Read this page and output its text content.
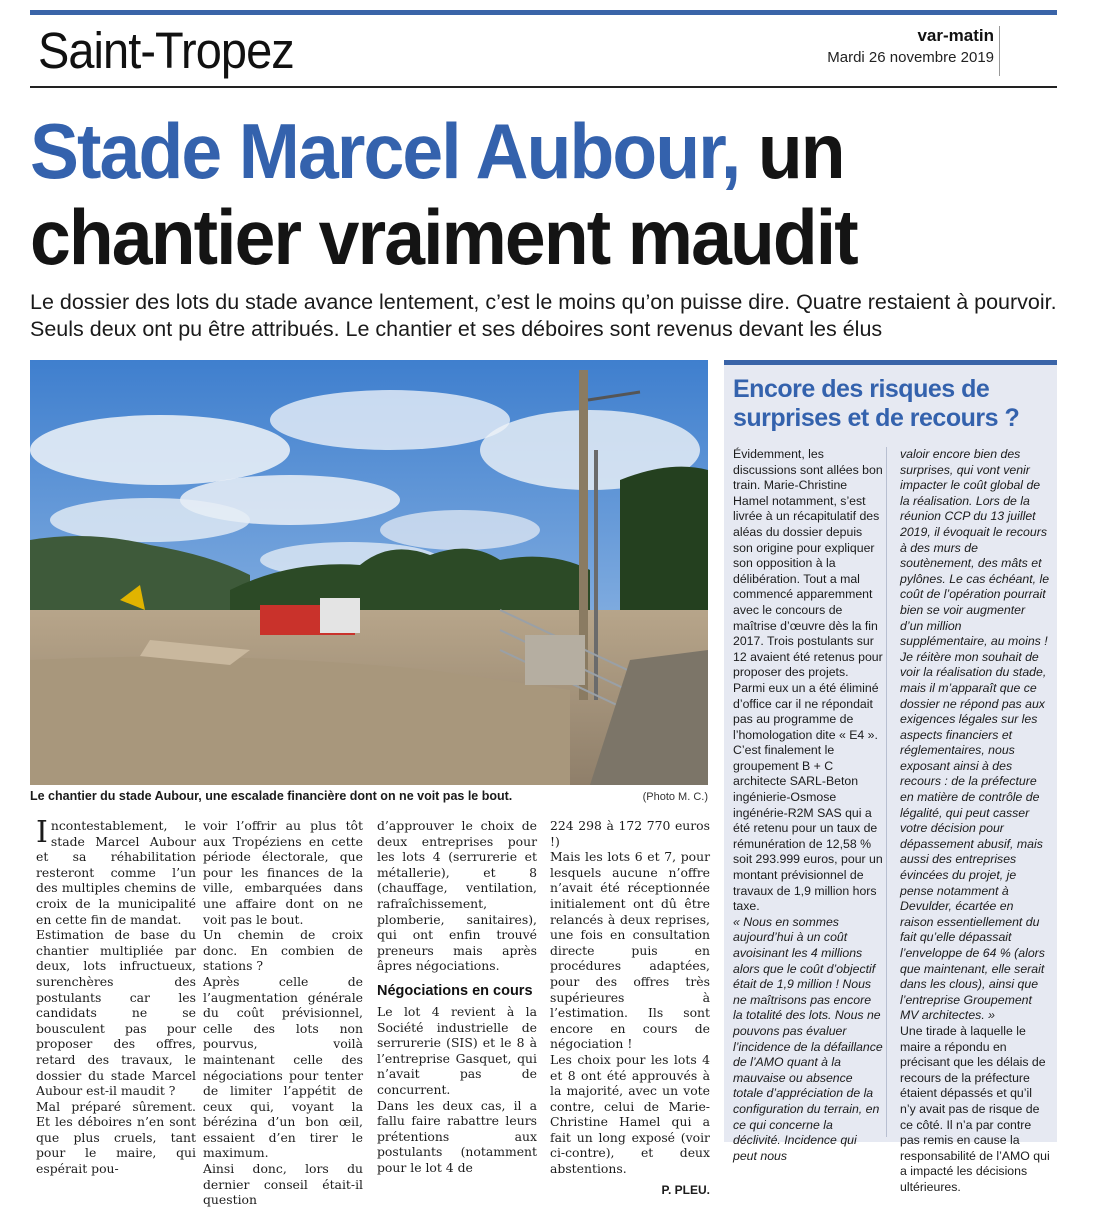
Saint-Tropez	var-matin
Mardi 26 novembre 2019
Stade Marcel Aubour, un chantier vraiment maudit
Le dossier des lots du stade avance lentement, c’est le moins qu’on puisse dire. Quatre restaient à pourvoir. Seuls deux ont pu être attribués. Le chantier et ses déboires sont revenus devant les élus
Le chantier du stade Aubour, une escalade financière dont on ne voit pas le bout.	(Photo M. C.)

Incontestablement, le stade Marcel Aubour et sa réhabilitation resteront comme l’un des multiples chemins de croix de la municipalité en cette fin de mandat.

Estimation de base du chantier multipliée par deux, lots infructueux, surenchères des postulants car les candidats ne se bousculent pas pour proposer des offres, retard des travaux, le dossier du stade Marcel Aubour est-il maudit ?

Mal préparé sûrement. Et les déboires n’en sont que plus cruels, tant pour le maire, qui espérait pou-

voir l’offrir au plus tôt aux Tropéziens en cette période électorale, que pour les finances de la ville, embarquées dans une affaire dont on ne voit pas le bout.

Un chemin de croix donc. En combien de stations ?

Après celle de l’augmentation générale du coût prévisionnel, celle des lots non pourvus, voilà maintenant celle des négociations pour tenter de limiter l’appétit de ceux qui, voyant la bérézina d’un bon œil, essaient d’en tirer le maximum.

Ainsi donc, lors du dernier conseil était-il question

d’approuver le choix de deux entreprises pour les lots 4 (serrurerie et métallerie), et 8 (chauffage, ventilation, rafraîchissement, plomberie, sanitaires), qui ont enfin trouvé preneurs mais après âpres négociations.

Négociations en cours

Le lot 4 revient à la Société industrielle de serrurerie (SIS) et le 8 à l’entreprise Gasquet, qui n’avait pas de concurrent.

Dans les deux cas, il a fallu faire rabattre leurs prétentions aux postulants (notamment pour le lot 4 de

224 298 à 172 770 euros !)

Mais les lots 6 et 7, pour lesquels aucune n’offre n’avait été réceptionnée initialement ont dû être relancés à deux reprises, une fois en consultation directe puis en procédures adaptées, pour des offres très supérieures à l’estimation. Ils sont encore en cours de négociation !

Les choix pour les lots 4 et 8 ont été approuvés à la majorité, avec un vote contre, celui de Marie-Christine Hamel qui a fait un long exposé (voir ci-contre), et deux abstentions.

P. PLEU.
Encore des risques de surprises et de recours ?

Évidemment, les discussions sont allées bon train. Marie-Christine Hamel notamment, s’est livrée à un récapitulatif des aléas du dossier depuis son origine pour expliquer son opposition à la délibération. Tout a mal commencé apparemment avec le concours de maîtrise d’œuvre dès la fin 2017. Trois postulants sur 12 avaient été retenus pour proposer des projets. Parmi eux un a été éliminé d’office car il ne répondait pas au programme de l’homologation dite « E4 ». C’est finalement le groupement B + C architecte SARL-Beton ingénierie-Osmose ingénérie-R2M SAS qui a été retenu pour un taux de rémunération de 12,58 % soit 293.999 euros, pour un montant prévisionnel de travaux de 1,9 million hors taxe.

« Nous en sommes aujourd’hui à un coût avoisinant les 4 millions alors que le coût d’objectif était de 1,9 million ! Nous ne maîtrisons pas encore la totalité des lots. Nous ne pouvons pas évaluer l’incidence de la défaillance de l’AMO quant à la mauvaise ou absence totale d’appréciation de la configuration du terrain, en ce qui concerne la déclivité. Incidence qui peut nous

valoir encore bien des surprises, qui vont venir impacter le coût global de la réalisation. Lors de la réunion CCP du 13 juillet 2019, il évoquait le recours à des murs de soutènement, des mâts et pylônes. Le cas échéant, le coût de l’opération pourrait bien se voir augmenter d’un million supplémentaire, au moins ! Je réitère mon souhait de voir la réalisation du stade, mais il m’apparaît que ce dossier ne répond pas aux exigences légales sur les aspects financiers et réglementaires, nous exposant ainsi à des recours : de la préfecture en matière de contrôle de légalité, qui peut casser votre décision pour dépassement abusif, mais aussi des entreprises évincées du projet, je pense notamment à Devulder, écartée en raison essentiellement du fait qu’elle dépassait l’enveloppe de 64 % (alors que maintenant, elle serait dans les clous), ainsi que l’entreprise Groupement MV architectes. »

Une tirade à laquelle le maire a répondu en précisant que les délais de recours de la préfecture étaient dépassés et qu’il n’y avait pas de risque de ce côté. Il n’a par contre pas remis en cause la responsabilité de l’AMO qui a impacté les décisions ultérieures.
